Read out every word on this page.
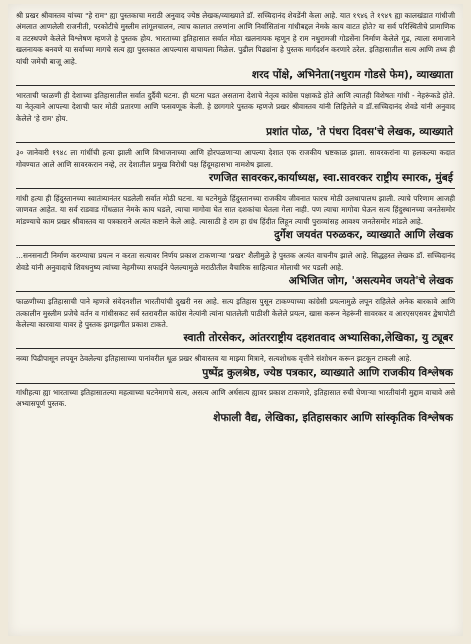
श्री प्रखर श्रीवास्तव यांच्या "हे राम" ह्या पुस्तकाचा मराठी अनुवाद ज्येष्ठ लेखक/व्याख्याते डॉ. सच्चिदानंद शेवडेंनी केला आहे. यात १९४६ ते १९४९ ह्या कालखंडात गांधीजी अंमलात आणलेली राजनीती, परकोटीचे मुस्लीम लांगूलचालन, त्याच कालात तरुणांना आणि निर्वासितांना गांधीबद्दल नेमके काय वाटत होते? या सर्व परिस्थितीचे प्रामाणिक व तटस्थपणे केलेले विश्लेषण म्हणजे हे पुस्तक होय. भारताच्या इतिहासात सर्वात मोठा खलनायक म्हणून हे राम नथुरामजी गोडसेंना निर्माण केलेले गूढ, त्याला समाजाने खलनायक बनवणे या सर्वाच्या मागचे सत्य ह्या पुस्तकात आपल्यास वाचायला मिळेल. पुढील पिढ्यांना हे पुस्तक मार्गदर्शन करणारे ठरेल. इतिहासातील सत्य आणि तथ्य ही यांची जमेची बाजू आहे.

शरद पोंक्षे, अभिनेता(नथुराम गोडसे फेम), व्याख्याता

भारताची फाळणी ही देशाच्या इतिहासातील सर्वात दुर्दैवी घटना. ही घटना घडत असताना देशाचे नेतृत्व कांग्रेस पक्षाकडे होते आणि त्यातही विशेषतः गांधी - नेहरूंकडे होते. या नेतृत्वाने आपल्या देशाची फार मोठी प्रतारणा आणि फसवणूक केली. हे छागगारे पुस्तक म्हणजे प्रखर श्रीवास्तव यांनी लिहिलेले व डॉ.सच्चिदानंद शेवडे यांनी अनुवाद केलेले 'हे राम' होय.

प्रशांत पोळ, 'ते पंधरा दिवस'चे लेखक, व्याख्याते

३० जानेवारी १९४८ ला गांधींची हत्या झाली आणि विभाजनाच्या आणि होरपळणाऱ्या आपल्या देशात एक राजकीय भ्रष्टकाळ झाला. सावरकरांना या हलकल्या कदात गोवण्यात आले आणि सावरकरान नव्हे, तर देशातील प्रमुख विरोधी पक्ष हिंदूमहासभा नामशेष झाला.

रणजित सावरकर,कार्याध्यक्ष, स्वा.सावरकर राष्ट्रीय स्मारक, मुंबई

गांधी हत्या ही हिंदुस्तानच्या स्वातंत्र्यानंतर घडलेली सर्वात मोठी घटना. या घटनेमुळे हिंदुस्तानच्या राजकीय जीवनात फारच मोठी उलथापालथ झाली. त्याचे परिणाम आजही जाणवत आहेत. या सर्व राडवाड गोंधळात नेमके काय घडले, त्याचा मागोवा घेत सात दशकांचा घेतला गेला नाही. पण त्याचा मागोवा घेऊन सत्य हिंदुस्थानच्या जनतेसमोर मांडण्याचे काम प्रखर श्रीवास्तव या पत्रकाराने अत्यंत कष्टाने केले आहे. त्यासाठी हे राम हा ग्रंथ हिंदीत लिहून त्याची पुराव्यांसह आवश्य जनतेसमोर मांडले आहे.

दुर्गेश जयवंत परुळकर, व्याख्याते आणि लेखक

...सनसनाटी निर्माण करण्याचा प्रयत्न न करता सत्यावर निर्णय प्रकाश टाकणाऱ्या 'प्रखर' शैलीमुळे हे पुस्तक अत्यंत वाचनीय झाले आहे. सिद्धहस्त लेखक डॉ. सच्चिदानंद शेवडे यांनी अनुवादाचे शिवधनुष्य त्यांच्या नेहमीच्या सफाईने पेलल्यामुळे मराठीतील वैचारिक साहित्यात मोलाची भर पडली आहे.

अभिजित जोग, 'असत्यमेव जयते'चे लेखक

फाळणीच्या इतिहासाची पाने म्हणजे संवेदनशील भारतीयांची दुखरी नस आहे. सत्य इतिहास पुसून टाकण्याच्या कांग्रेसी प्रयत्नामुळे लपून राहिलेले अनेक बारकावे आणि तत्कालीन मुस्लीम प्रजेचे वर्तन व गांधीसकट सर्व स्तरावरील कांग्रेस नेत्यांनी त्यांना घातलेली पाठीशी केलेले प्रयत्न, खास करून नेहरूंनी सावरकर व आरएसएसवर द्वेषापोटी केलेल्या कारवाया यावर हे पुस्तक झगझगीत प्रकाश टाकते.

स्वाती तोरसेकर, आंतरराष्ट्रीय दहशतवाद अभ्यासिका,लेखिका, यु ट्यूबर

नव्या पिढीपासून लपवून ठेवलेल्या इतिहासाच्या पानांवरील धूळ प्रखर श्रीवास्तव या माझ्या मित्राने, सत्यशोधक वृत्तीने संशोधन करून झटकून टाकली आहे.

पुष्पेंद्र कुलश्रेष्ठ, ज्येष्ठ पत्रकार, व्याख्याते आणि राजकीय विश्लेषक

गांधीहत्या ह्या भारताच्या इतिहासातल्या महत्वाच्या घटनेमागचे सत्य, असत्य आणि अर्धसत्य ह्यावर प्रकाश टाकणारे, इतिहासात रुची घेणाऱ्या भारतीयांनी मुद्दाम वाचावे असे अभ्यासपूर्ण पुस्तक.

शेफाली वैद्य, लेखिका, इतिहासकार आणि सांस्कृतिक विश्लेषक
